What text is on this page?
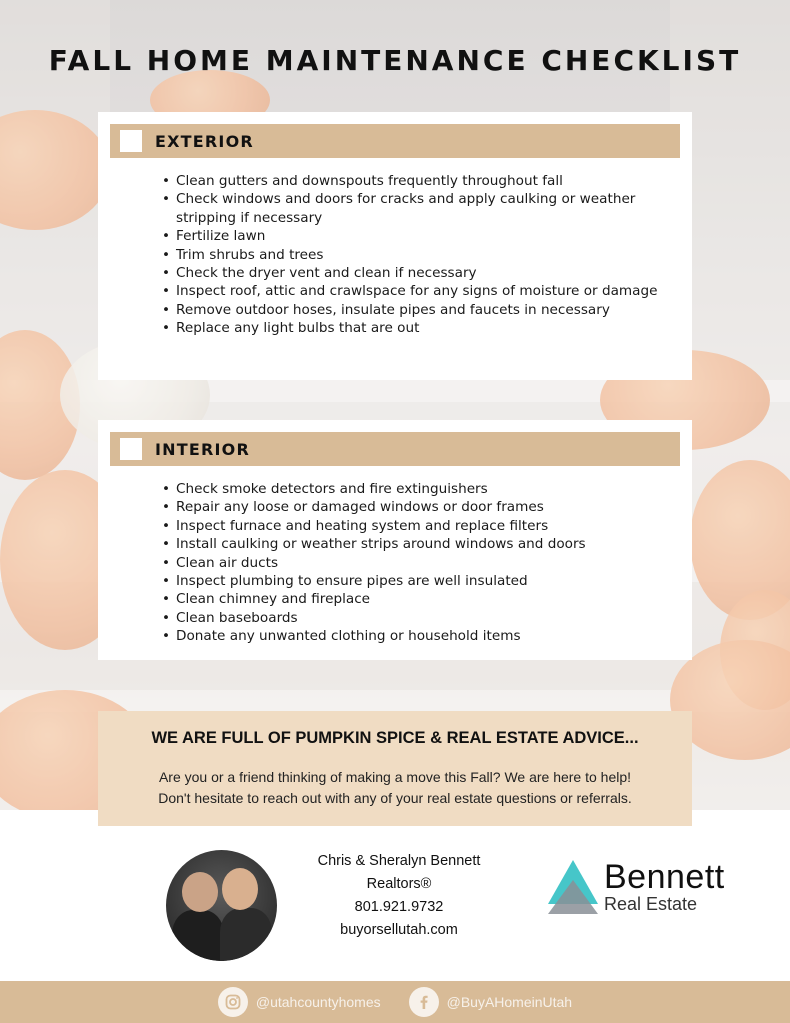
FALL HOME MAINTENANCE CHECKLIST
EXTERIOR
• Clean gutters and downspouts frequently throughout fall
• Check windows and doors for cracks and apply caulking or weather stripping if necessary
• Fertilize lawn
• Trim shrubs and trees
• Check the dryer vent and clean if necessary
• Inspect roof, attic and crawlspace for any signs of moisture or damage
• Remove outdoor hoses, insulate pipes and faucets in necessary
• Replace any light bulbs that are out
INTERIOR
• Check smoke detectors and fire extinguishers
• Repair any loose or damaged windows or door frames
• Inspect furnace and heating system and replace filters
• Install caulking or weather strips around windows and doors
• Clean air ducts
• Inspect plumbing to ensure pipes are well insulated
• Clean chimney and fireplace
• Clean baseboards
• Donate any unwanted clothing or household items
WE ARE FULL OF PUMPKIN SPICE & REAL ESTATE ADVICE...
Are you or a friend thinking of making a move this Fall? We are here to help!
Don't hesitate to reach out with any of your real estate questions or referrals.
Chris & Sheralyn Bennett
Realtors®
801.921.9732
buyorsellutah.com
Bennett
Real Estate
@utahcountyhomes	@BuyAHomeinUtah
